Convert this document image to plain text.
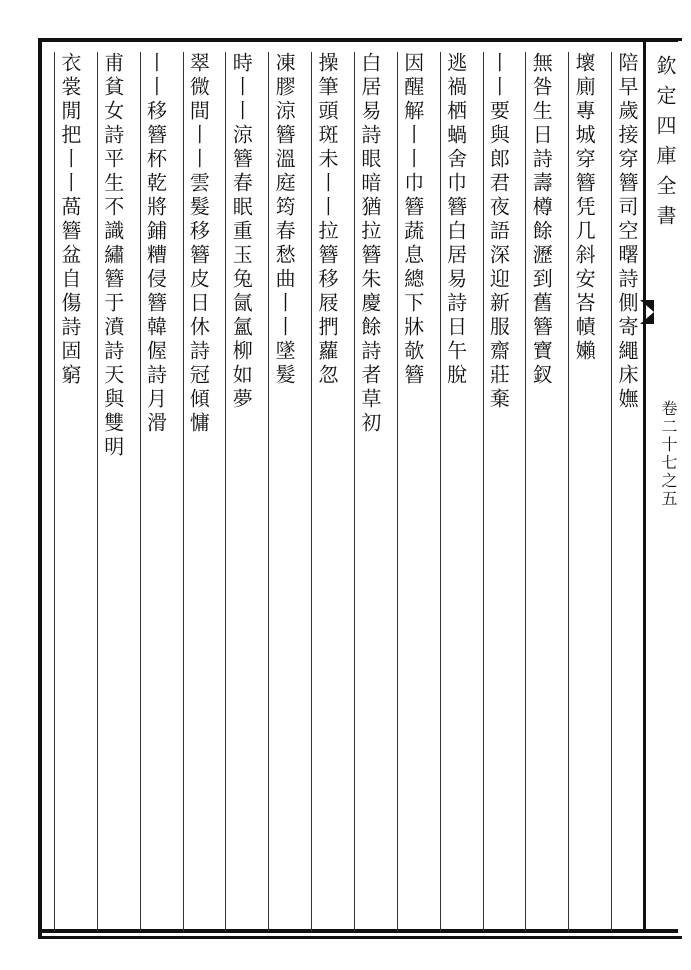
欽定四庫全書
卷二十七之五
陪早歲接穿簪司空曙詩側寄繩床嫵
壞廁專城穿簪凭几斜安峇幘嬾
無咎生日詩壽樽餘瀝到舊簪寶釵
丨丨要與郎君夜語深迎新服齋莊棄
逃禍栖蝸舍巾簪白居易詩日午脫
因醒解丨丨巾簪蔬息總下牀欹簪
白居易詩眼暗猶拉簪朱慶餘詩者草初
操筆頭斑未丨丨拉簪移屐捫蘿忽
凍膠涼簪溫庭筠春愁曲丨丨墜髮
時丨丨涼簪春眠重玉兔氤氳柳如夢
翠微間丨丨雲髮移簪皮日休詩冠傾慵
丨丨移簪杯乾將鋪糟侵簪韓偓詩月滑
甫貧女詩平生不識繡簪于濆詩天與雙明
衣裳閒把丨丨萵簪盆自傷詩固窮
